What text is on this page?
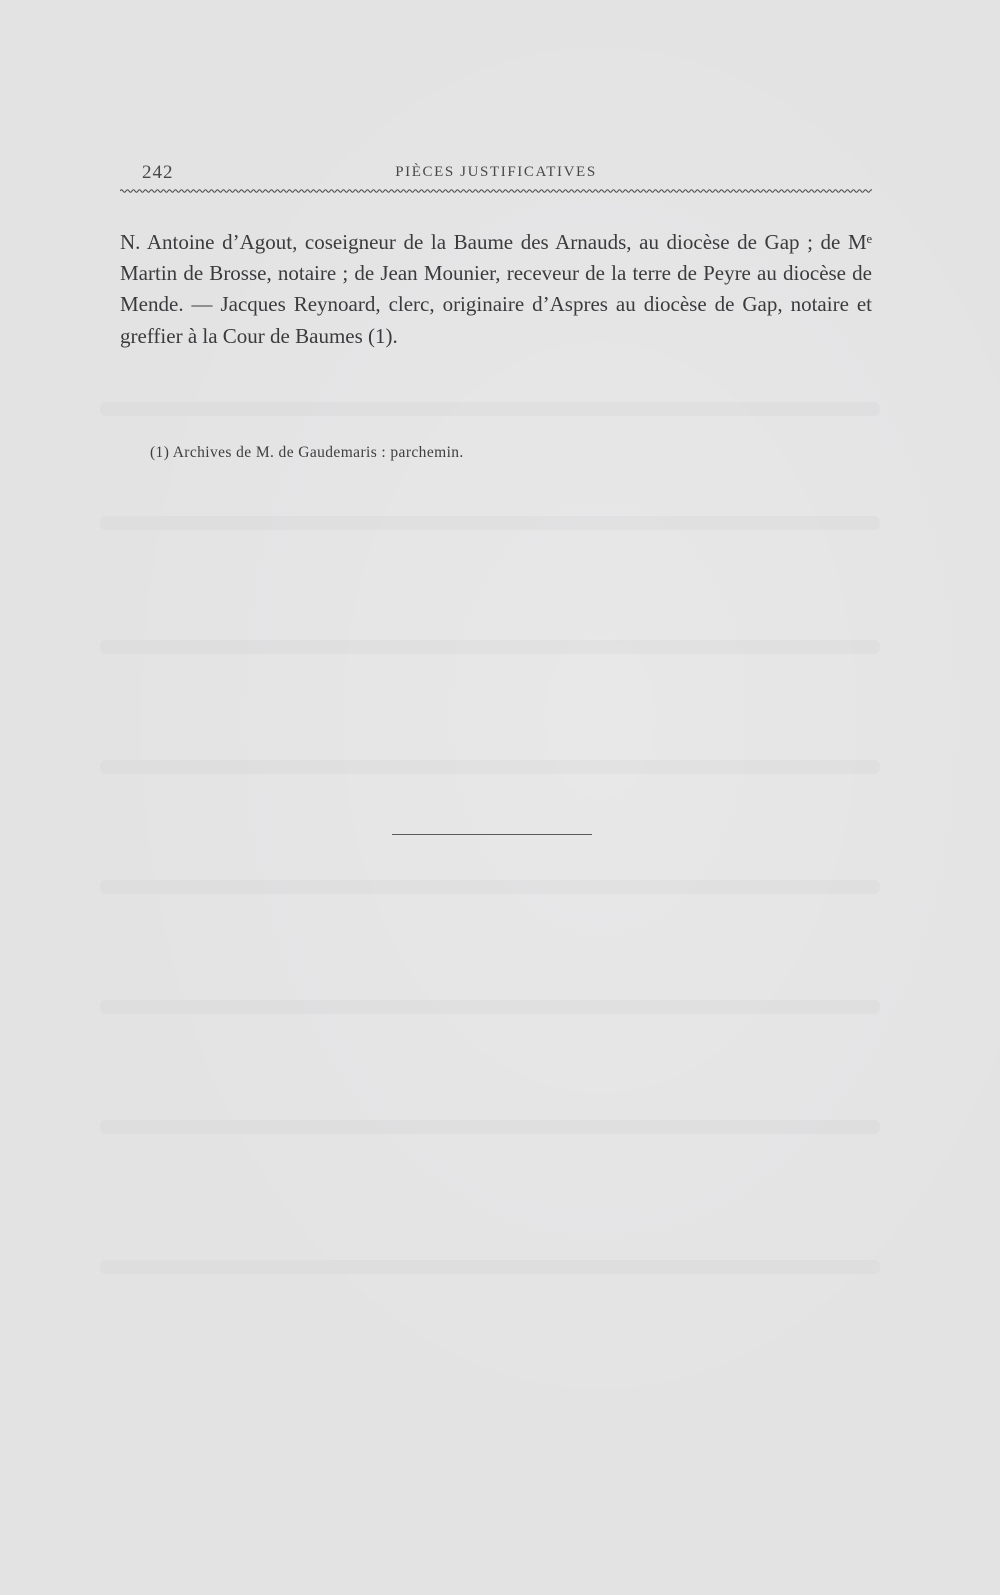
242	PIÈCES JUSTIFICATIVES

N. Antoine d’Agout, coseigneur de la Baume des Arnauds, au diocèse de Gap ; de Mᵉ Martin de Brosse, notaire ; de Jean Mounier, receveur de la terre de Peyre au diocèse de Mende. — Jacques Reynoard, clerc, originaire d’Aspres au diocèse de Gap, notaire et greffier à la Cour de Baumes (1).

(1) Archives de M. de Gaudemaris : parchemin.
